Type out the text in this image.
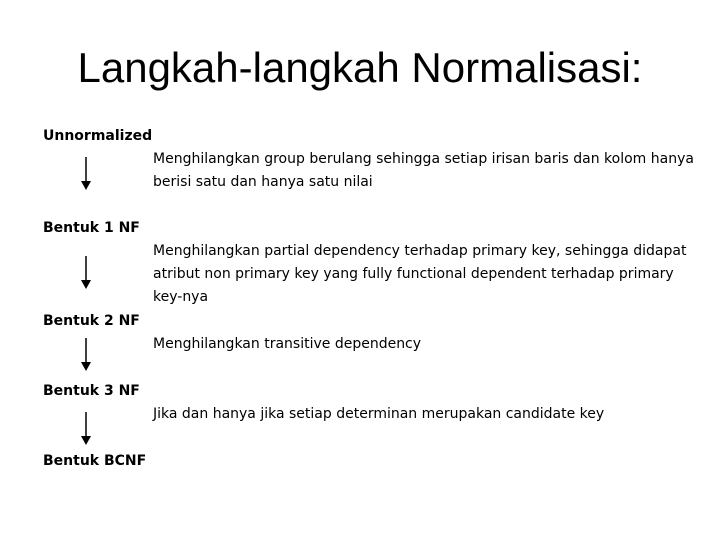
Langkah-langkah Normalisasi:
Unnormalized
Menghilangkan group berulang sehingga setiap irisan baris dan kolom hanya
berisi satu dan hanya satu nilai
Bentuk 1 NF
Menghilangkan partial dependency terhadap primary key, sehingga didapat
atribut non primary key yang fully functional dependent terhadap primary
key-nya
Bentuk 2 NF
Menghilangkan transitive dependency
Bentuk 3 NF
Jika dan hanya jika setiap determinan merupakan candidate key
Bentuk BCNF
